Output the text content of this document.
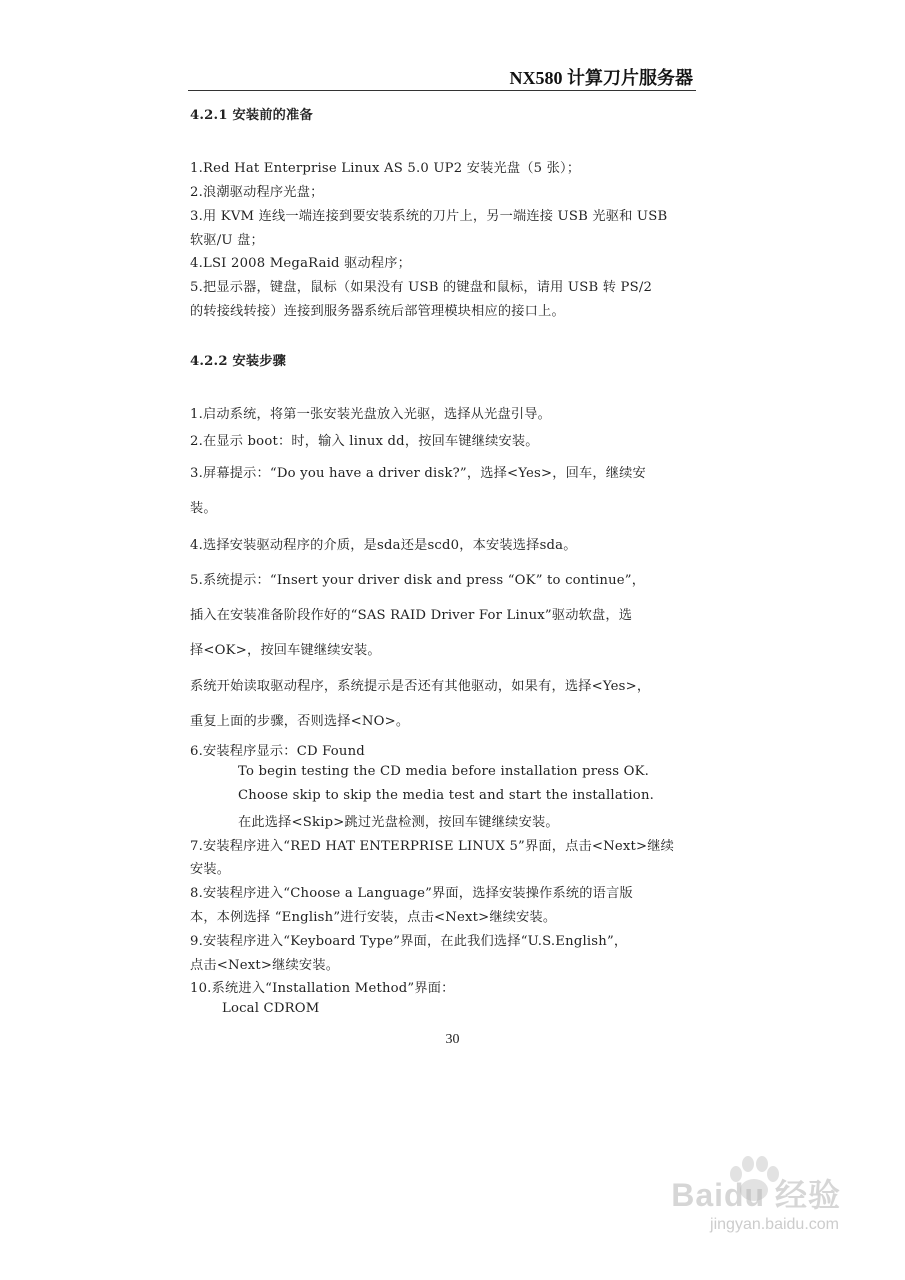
NX580 计算刀片服务器
4.2.1 安装前的准备
1.Red Hat Enterprise Linux AS 5.0 UP2 安装光盘（5 张）；
2.浪潮驱动程序光盘；
3.用 KVM 连线一端连接到要安装系统的刀片上，另一端连接 USB 光驱和 USB
软驱/U 盘；
4.LSI 2008 MegaRaid 驱动程序；
5.把显示器，键盘，鼠标（如果没有 USB 的键盘和鼠标，请用 USB 转 PS/2
的转接线转接）连接到服务器系统后部管理模块相应的接口上。
4.2.2 安装步骤
1.启动系统，将第一张安装光盘放入光驱，选择从光盘引导。
2.在显示 boot：时，输入 linux dd，按回车键继续安装。
3.屏幕提示：“Do you have a driver disk?”，选择<Yes>，回车，继续安
装。
4.选择安装驱动程序的介质，是sda还是scd0，本安装选择sda。
5.系统提示：“Insert your driver disk and press “OK” to continue”，
插入在安装准备阶段作好的“SAS RAID Driver For Linux”驱动软盘，选
择<OK>，按回车键继续安装。
系统开始读取驱动程序，系统提示是否还有其他驱动，如果有，选择<Yes>，
重复上面的步骤，否则选择<NO>。
6.安装程序显示：CD Found
To begin testing the CD media before installation press OK.
Choose skip to skip the media test and start the installation.
在此选择<Skip>跳过光盘检测，按回车键继续安装。
7.安装程序进入“RED HAT ENTERPRISE LINUX 5”界面，点击<Next>继续
安装。
8.安装程序进入“Choose a Language”界面，选择安装操作系统的语言版
本，本例选择 “English”进行安装，点击<Next>继续安装。
9.安装程序进入“Keyboard Type”界面，在此我们选择“U.S.English”，
点击<Next>继续安装。
10.系统进入“Installation Method”界面：
Local CDROM
30
Baidu 经验
jingyan.baidu.com
